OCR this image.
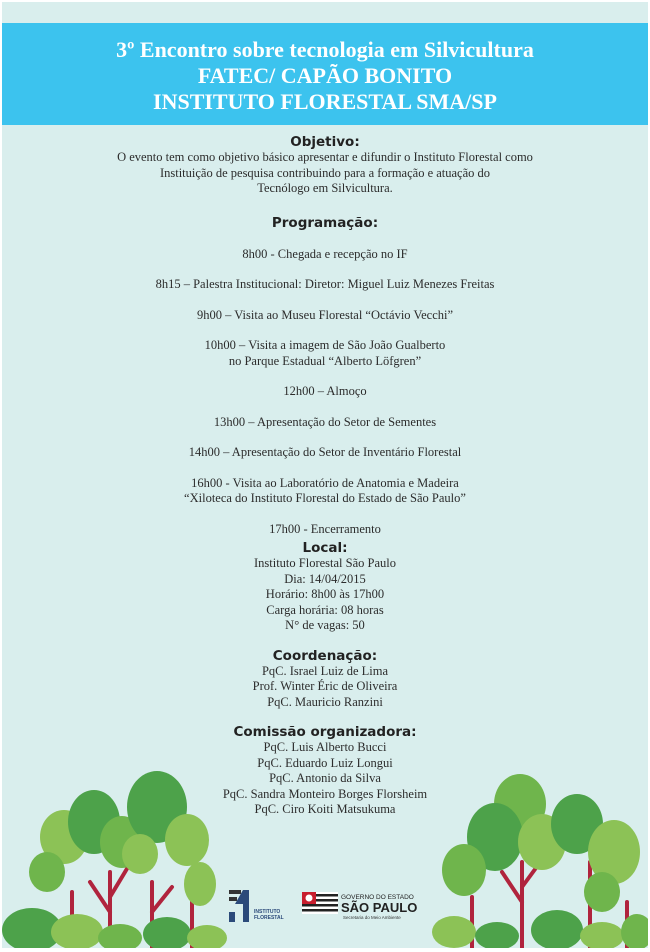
3º Encontro sobre tecnologia em Silvicultura
FATEC/ CAPÃO BONITO
INSTITUTO FLORESTAL SMA/SP
Objetivo:
O evento tem como objetivo básico apresentar e difundir o Instituto Florestal como
Instituição de pesquisa contribuindo para a formação e atuação do
Tecnólogo em Silvicultura.
Programação:
8h00 - Chegada e recepção no IF
8h15 – Palestra Institucional: Diretor: Miguel Luiz Menezes Freitas
9h00 – Visita ao Museu Florestal “Octávio Vecchi”
10h00 – Visita a imagem de São João Gualberto
no Parque Estadual “Alberto Löfgren”
12h00 – Almoço
13h00 – Apresentação do Setor de Sementes
14h00 – Apresentação do Setor de Inventário Florestal
16h00 - Visita ao Laboratório de Anatomia e Madeira
“Xiloteca do Instituto Florestal do Estado de São Paulo”
17h00 - Encerramento
Local:
Instituto Florestal São Paulo
Dia: 14/04/2015
Horário: 8h00 às 17h00
Carga horária: 08 horas
N° de vagas: 50
Coordenação:
PqC. Israel Luiz de Lima
Prof. Winter Éric de Oliveira
PqC. Mauricio Ranzini
Comissão organizadora:
PqC. Luis Alberto Bucci
PqC. Eduardo Luiz Longui
PqC. Antonio da Silva
PqC. Sandra Monteiro Borges Florsheim
PqC. Ciro Koiti Matsukuma
INSTITUTO
FLORESTAL
GOVERNO DO ESTADO
SÃO PAULO
Secretaria do Meio Ambiente
